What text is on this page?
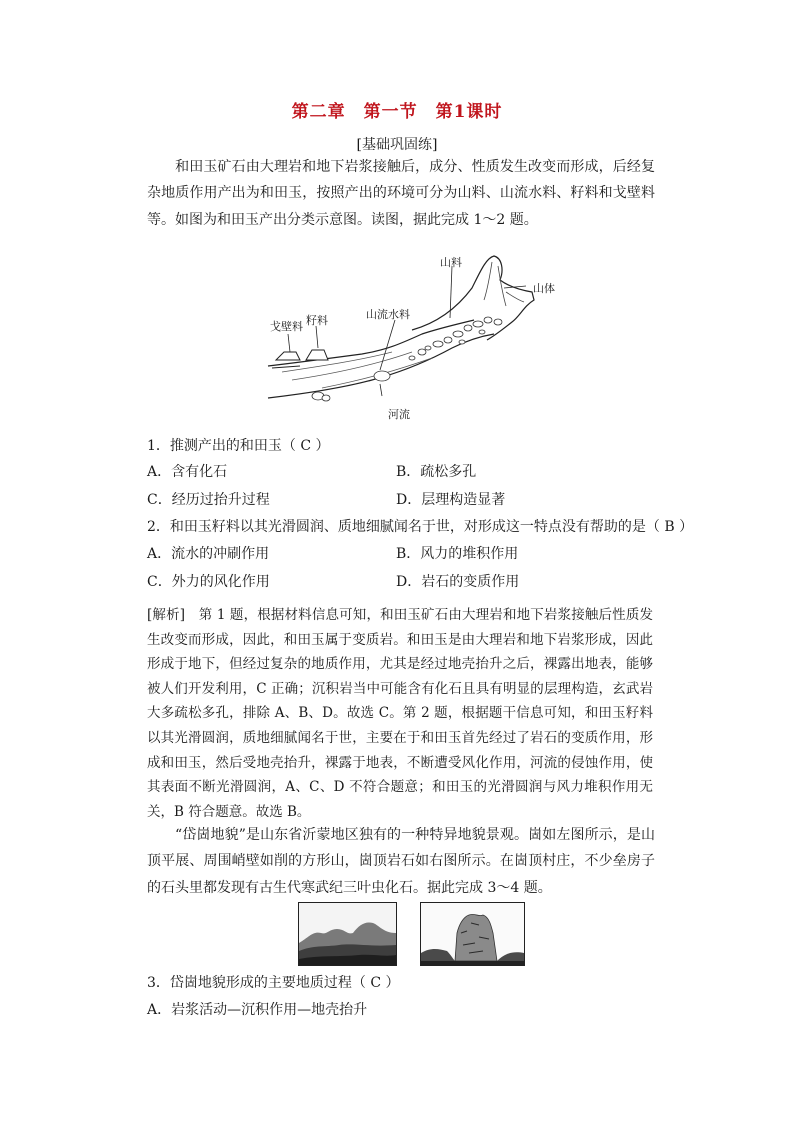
第二章　第一节　第1课时
[基础巩固练]
和田玉矿石由大理岩和地下岩浆接触后，成分、性质发生改变而形成，后经复杂地质作用产出为和田玉，按照产出的环境可分为山料、山流水料、籽料和戈壁料等。如图为和田玉产出分类示意图。读图，据此完成 1～2 题。
山料
山体
山流水料
戈壁料 籽料
河流
1．推测产出的和田玉（ C ）
A．含有化石	B．疏松多孔
C．经历过抬升过程	D．层理构造显著
2．和田玉籽料以其光滑圆润、质地细腻闻名于世，对形成这一特点没有帮助的是（ B ）
A．流水的冲刷作用	B．风力的堆积作用
C．外力的风化作用	D．岩石的变质作用
[解析]　第 1 题，根据材料信息可知，和田玉矿石由大理岩和地下岩浆接触后性质发生改变而形成，因此，和田玉属于变质岩。和田玉是由大理岩和地下岩浆形成，因此形成于地下，但经过复杂的地质作用，尤其是经过地壳抬升之后，裸露出地表，能够被人们开发利用，C 正确；沉积岩当中可能含有化石且具有明显的层理构造，玄武岩大多疏松多孔，排除 A、B、D。故选 C。第 2 题，根据题干信息可知，和田玉籽料以其光滑圆润，质地细腻闻名于世，主要在于和田玉首先经过了岩石的变质作用，形成和田玉，然后受地壳抬升，裸露于地表，不断遭受风化作用，河流的侵蚀作用，使其表面不断光滑圆润，A、C、D 不符合题意；和田玉的光滑圆润与风力堆积作用无关，B 符合题意。故选 B。
“岱崮地貌”是山东省沂蒙地区独有的一种特异地貌景观。崮如左图所示，是山顶平展、周围峭壁如削的方形山，崮顶岩石如右图所示。在崮顶村庄，不少垒房子的石头里都发现有古生代寒武纪三叶虫化石。据此完成 3～4 题。
3．岱崮地貌形成的主要地质过程（ C ）
A．岩浆活动—沉积作用—地壳抬升
